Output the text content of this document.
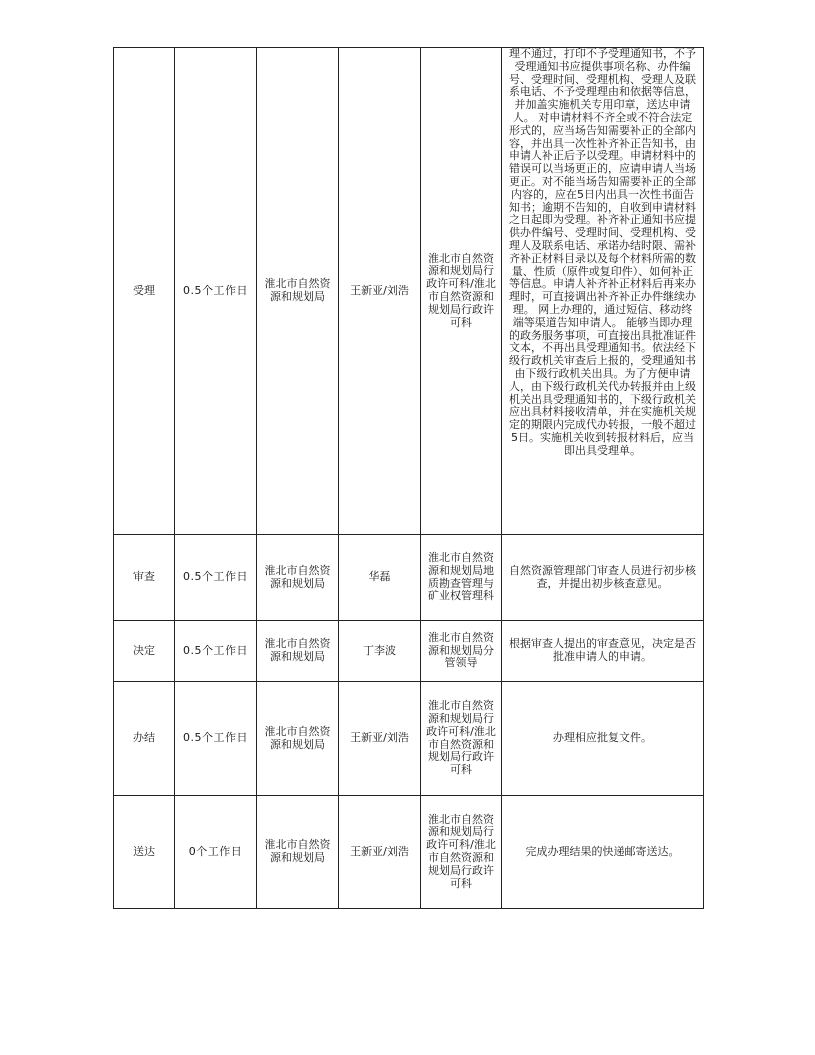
受理	0.5个工作日	淮北市自然资源和规划局	王新亚/刘浩	淮北市自然资源和规划局行政许可科/淮北市自然资源和规划局行政许可科	理不通过，打印不予受理通知书，不予受理通知书应提供事项名称、办件编号、受理时间、受理机构、受理人及联系电话、不予受理理由和依据等信息，并加盖实施机关专用印章，送达申请人。 对申请材料不齐全或不符合法定形式的，应当场告知需要补正的全部内容，并出具一次性补齐补正告知书，由申请人补正后予以受理。申请材料中的错误可以当场更正的，应请申请人当场更正。对不能当场告知需要补正的全部内容的，应在5日内出具一次性书面告知书；逾期不告知的，自收到申请材料之日起即为受理。补齐补正通知书应提供办件编号、受理时间、受理机构、受理人及联系电话、承诺办结时限、需补齐补正材料目录以及每个材料所需的数量、性质（原件或复印件）、如何补正等信息。申请人补齐补正材料后再来办理时，可直接调出补齐补正办件继续办理。 网上办理的，通过短信、移动终端等渠道告知申请人。 能够当即办理的政务服务事项，可直接出具批准证件文本，不再出具受理通知书。依法经下级行政机关审查后上报的，受理通知书由下级行政机关出具。为了方便申请人，由下级行政机关代办转报并由上级机关出具受理通知书的，下级行政机关应出具材料接收清单，并在实施机关规定的期限内完成代办转报，一般不超过5日。实施机关收到转报材料后，应当即出具受理单。
审查	0.5个工作日	淮北市自然资源和规划局	华磊	淮北市自然资源和规划局地质勘查管理与矿业权管理科	自然资源管理部门审查人员进行初步核查，并提出初步核查意见。
决定	0.5个工作日	淮北市自然资源和规划局	丁李波	淮北市自然资源和规划局分管领导	根据审查人提出的审查意见，决定是否批准申请人的申请。
办结	0.5个工作日	淮北市自然资源和规划局	王新亚/刘浩	淮北市自然资源和规划局行政许可科/淮北市自然资源和规划局行政许可科	办理相应批复文件。
送达	0个工作日	淮北市自然资源和规划局	王新亚/刘浩	淮北市自然资源和规划局行政许可科/淮北市自然资源和规划局行政许可科	完成办理结果的快递邮寄送达。
